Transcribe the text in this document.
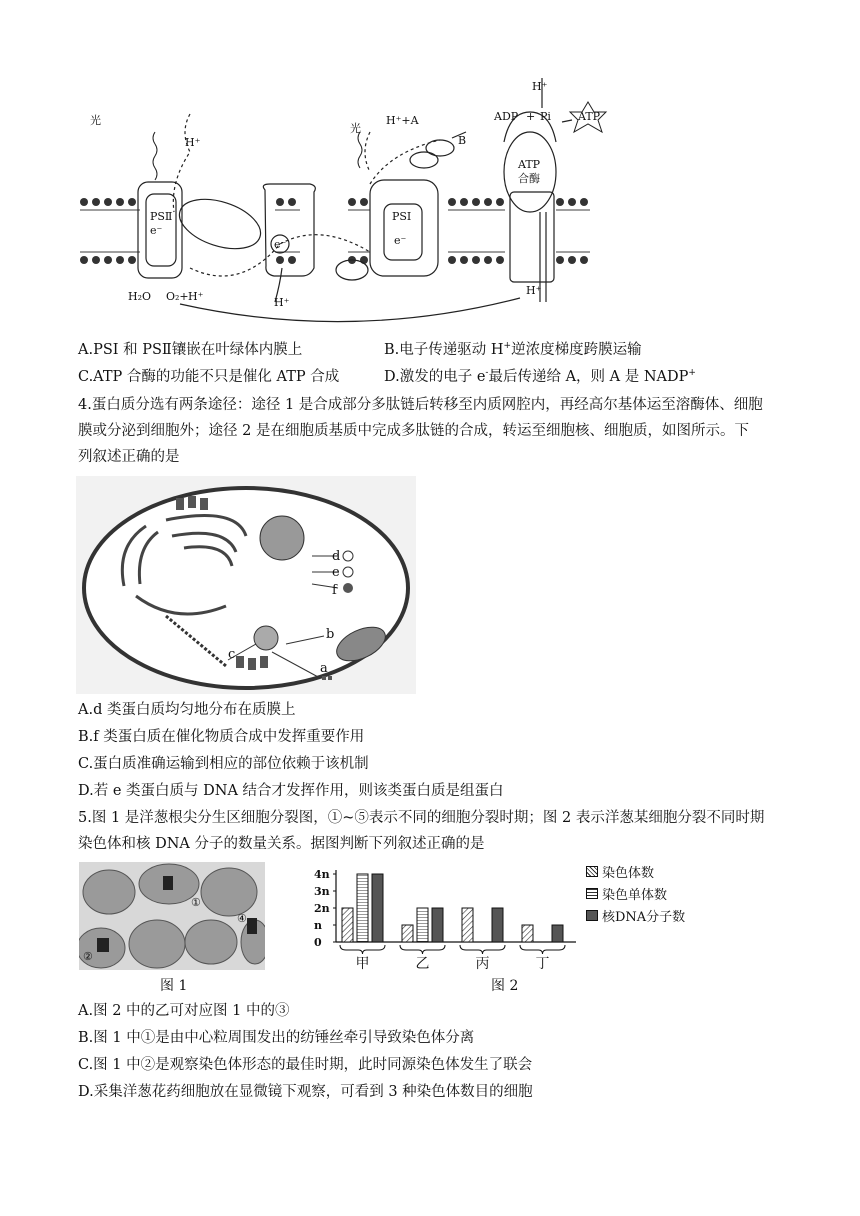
光
光
H⁺
H⁺
H⁺+A
B
PSⅡ	PSⅠ
e⁻
e⁻	e⁻
ATP
合酶
ADP + Pi ATP
H₂O O₂+ H⁺	H⁺
H⁺
A.PSI 和 PSⅡ镶嵌在叶绿体内膜上	B.电子传递驱动 H+逆浓度梯度跨膜运输
C.ATP 合酶的功能不只是催化 ATP 合成	D.激发的电子 e-最后传递给 A，则 A 是 NADP+
4.蛋白质分选有两条途径：途径 1 是合成部分多肽链后转移至内质网腔内，再经高尔基体运至溶酶体、细胞
膜或分泌到细胞外；途径 2 是在细胞质基质中完成多肽链的合成，转运至细胞核、细胞质，如图所示。下
列叙述正确的是
d
e
f
b
c
a
A.d 类蛋白质均匀地分布在质膜上
B.f 类蛋白质在催化物质合成中发挥重要作用
C.蛋白质准确运输到相应的部位依赖于该机制
D.若 e 类蛋白质与 DNA 结合才发挥作用，则该类蛋白质是组蛋白
5.图 1 是洋葱根尖分生区细胞分裂图，①~⑤表示不同的细胞分裂时期；图 2 表示洋葱某细胞分裂不同时期
染色体和核 DNA 分子的数量关系。据图判断下列叙述正确的是
①
②
④
图 1
4n
3n
2n
n
0
甲	乙	丙	丁
图 2
染色体数
染色单体数
核DNA分子数
A.图 2 中的乙可对应图 1 中的③
B.图 1 中①是由中心粒周围发出的纺锤丝牵引导致染色体分离
C.图 1 中②是观察染色体形态的最佳时期，此时同源染色体发生了联会
D.采集洋葱花药细胞放在显微镜下观察，可看到 3 种染色体数目的细胞
